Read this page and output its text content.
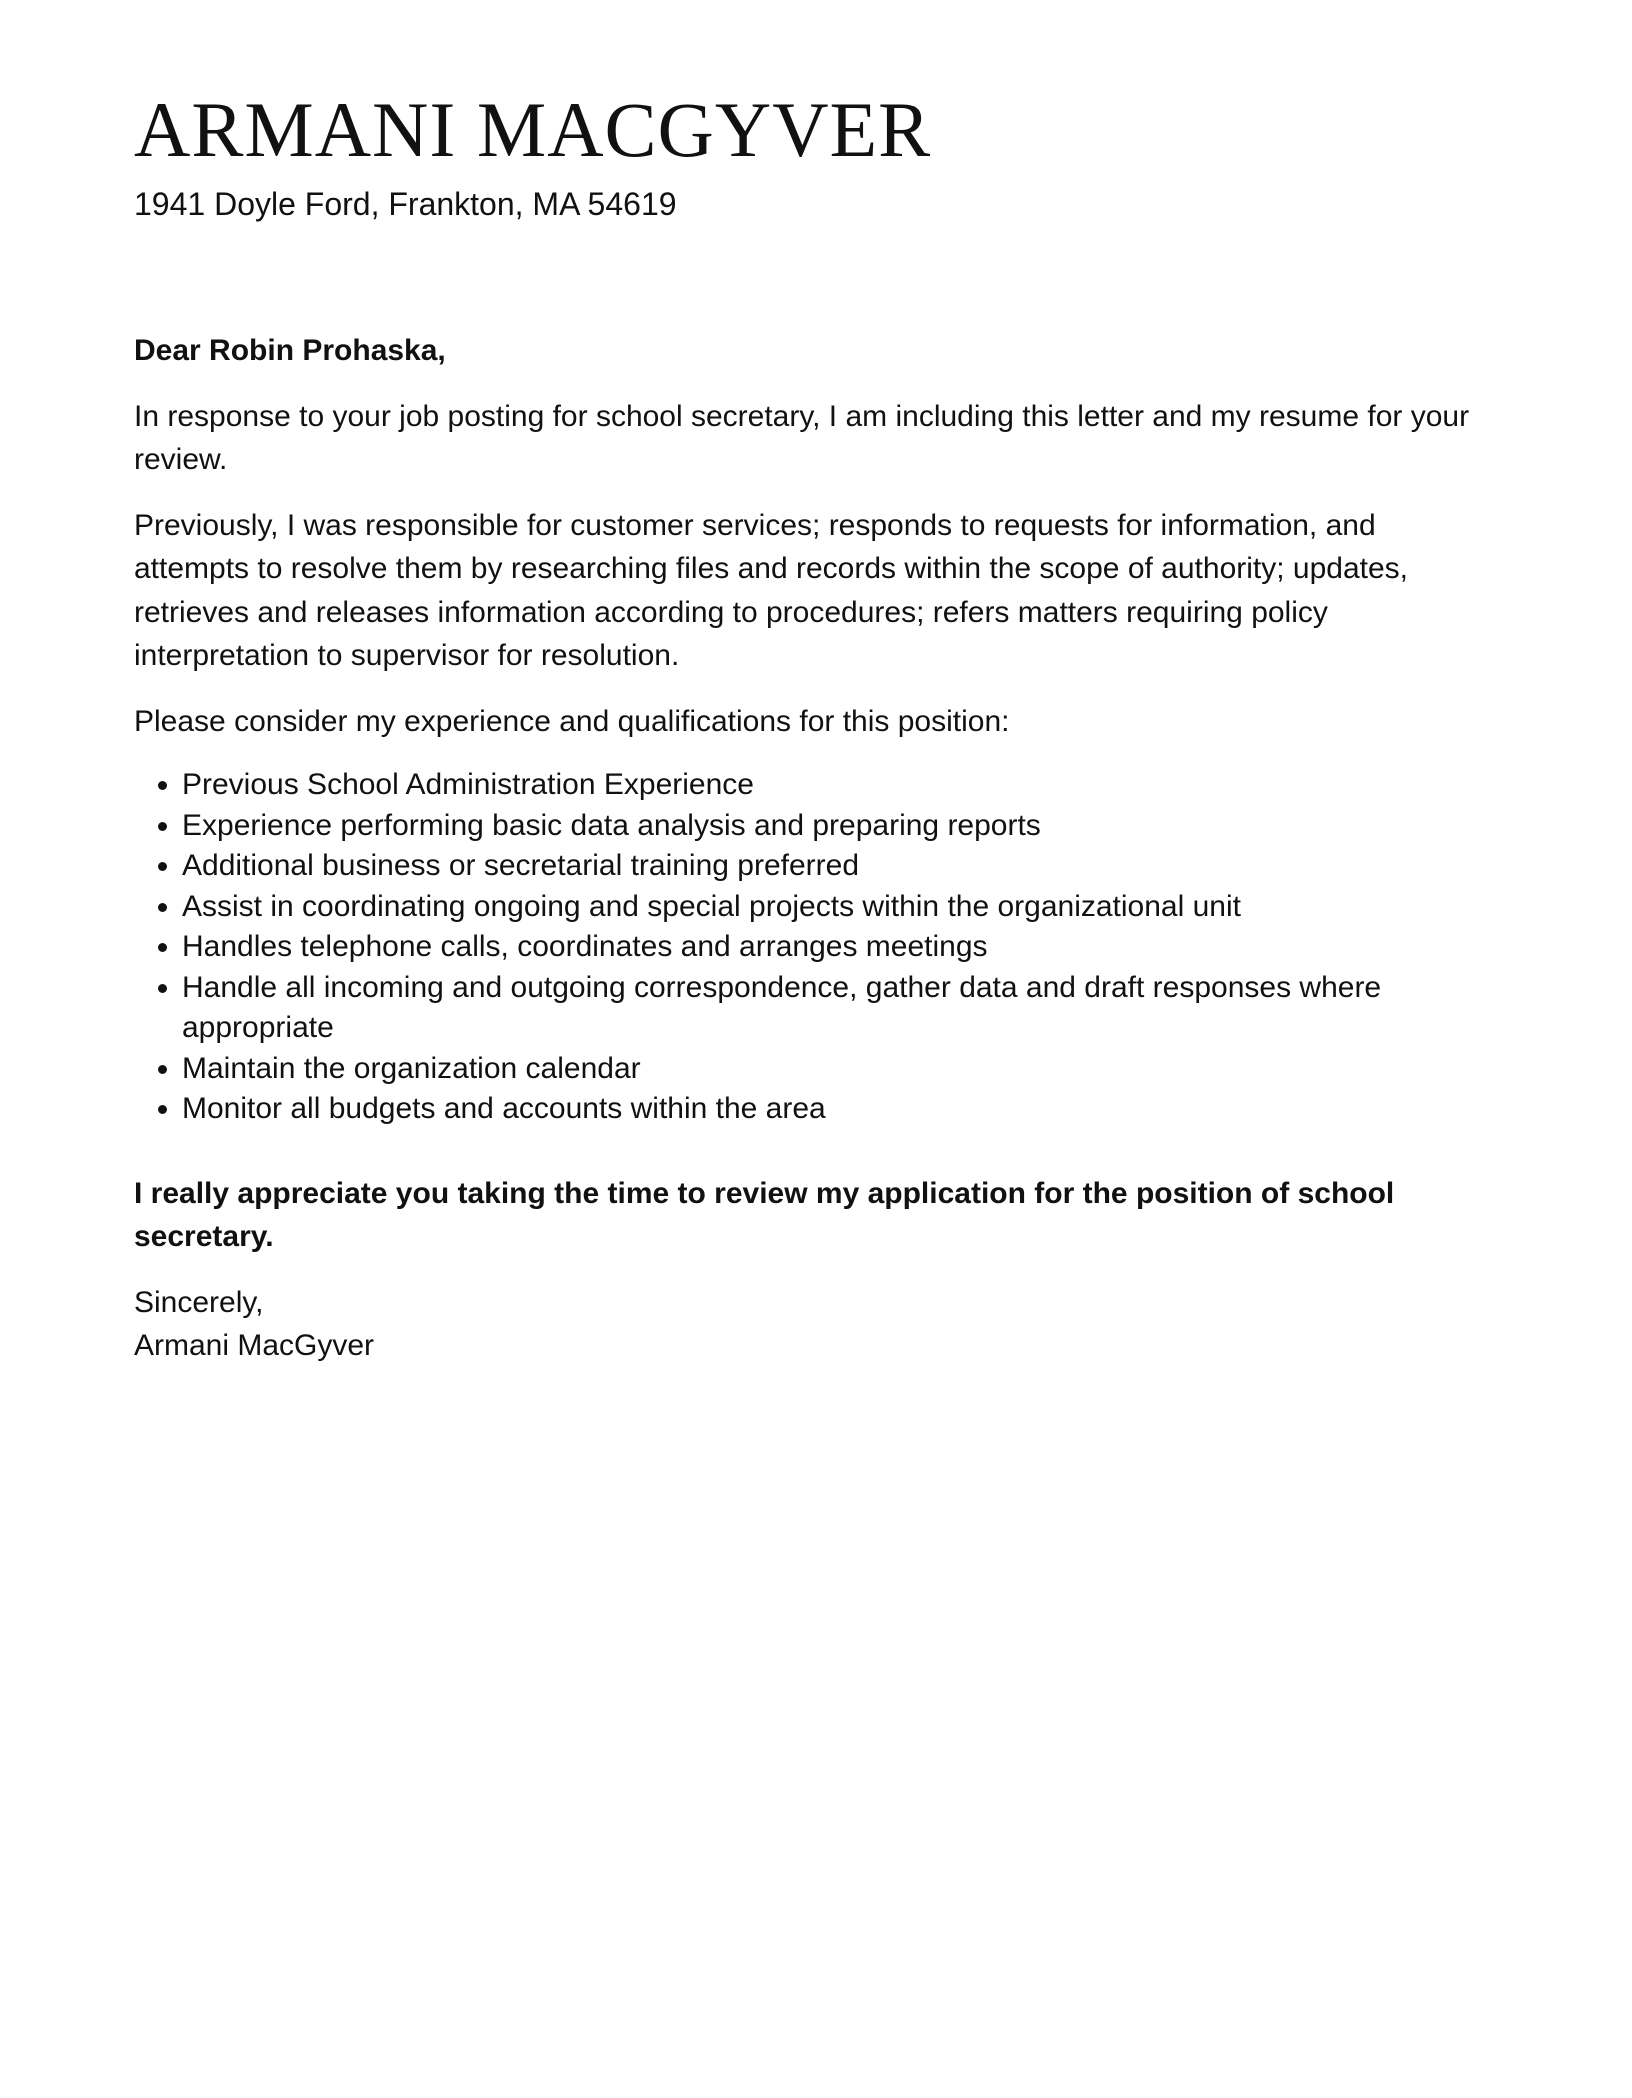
ARMANI MACGYVER

1941 Doyle Ford, Frankton, MA 54619

Dear Robin Prohaska,

In response to your job posting for school secretary, I am including this letter and my resume for your review.

Previously, I was responsible for customer services; responds to requests for information, and attempts to resolve them by researching files and records within the scope of authority; updates, retrieves and releases information according to procedures; refers matters requiring policy interpretation to supervisor for resolution.

Please consider my experience and qualifications for this position:

• Previous School Administration Experience
• Experience performing basic data analysis and preparing reports
• Additional business or secretarial training preferred
• Assist in coordinating ongoing and special projects within the organizational unit
• Handles telephone calls, coordinates and arranges meetings
• Handle all incoming and outgoing correspondence, gather data and draft responses where appropriate
• Maintain the organization calendar
• Monitor all budgets and accounts within the area

I really appreciate you taking the time to review my application for the position of school secretary.

Sincerely,
Armani MacGyver
